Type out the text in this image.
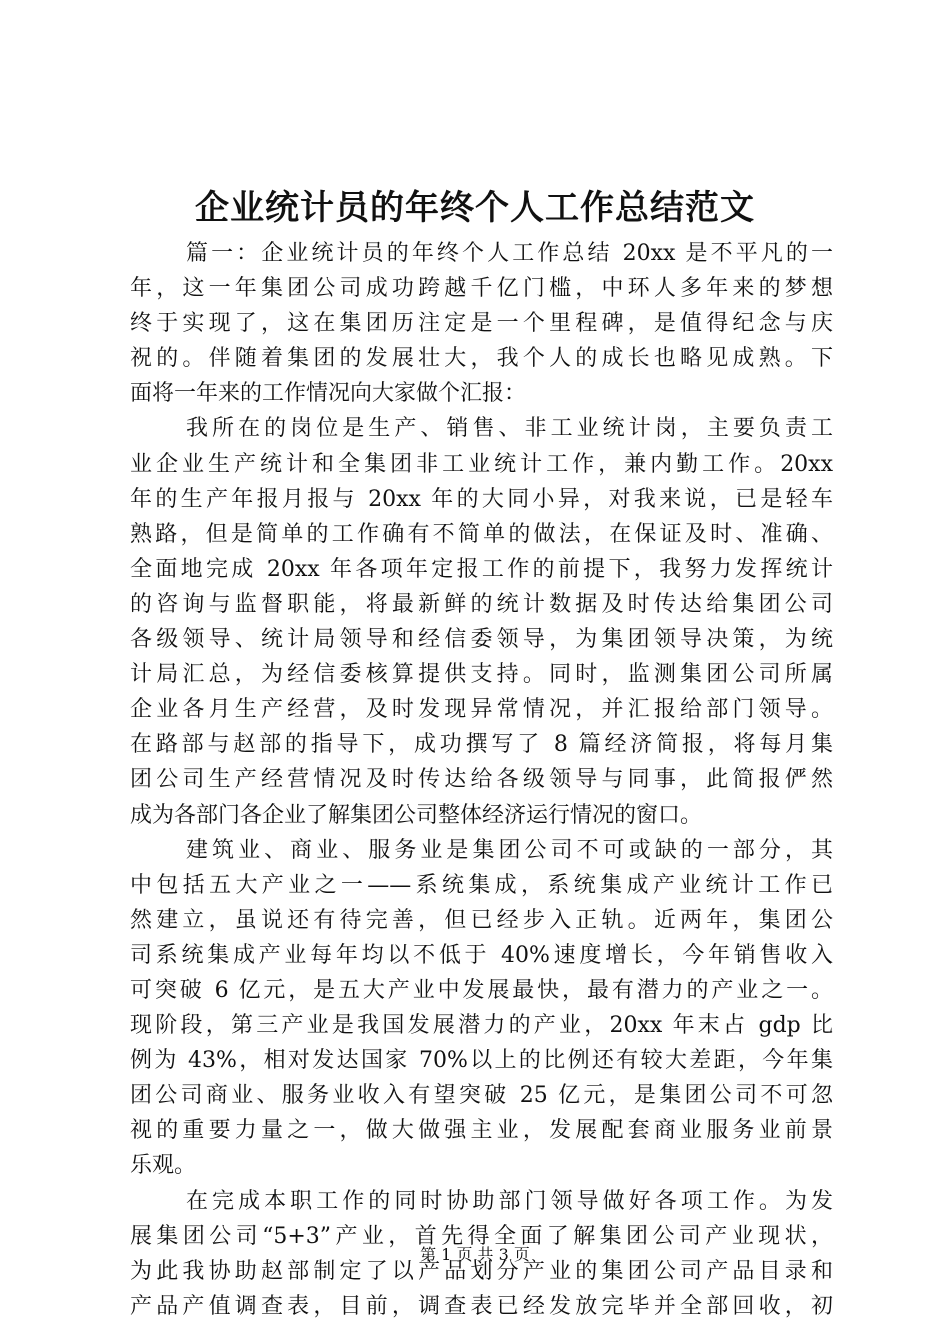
企业统计员的年终个人工作总结范文
篇一：企业统计员的年终个人工作总结 20xx 是不平凡的一
年，这一年集团公司成功跨越千亿门槛，中环人多年来的梦想
终于实现了，这在集团历注定是一个里程碑，是值得纪念与庆
祝的。伴随着集团的发展壮大，我个人的成长也略见成熟。下
面将一年来的工作情况向大家做个汇报：
我所在的岗位是生产、销售、非工业统计岗，主要负责工
业企业生产统计和全集团非工业统计工作，兼内勤工作。20xx
年的生产年报月报与 20xx 年的大同小异，对我来说，已是轻车
熟路，但是简单的工作确有不简单的做法，在保证及时、准确、
全面地完成 20xx 年各项年定报工作的前提下，我努力发挥统计
的咨询与监督职能，将最新鲜的统计数据及时传达给集团公司
各级领导、统计局领导和经信委领导，为集团领导决策，为统
计局汇总，为经信委核算提供支持。同时，监测集团公司所属
企业各月生产经营，及时发现异常情况，并汇报给部门领导。
在路部与赵部的指导下，成功撰写了 8 篇经济简报，将每月集
团公司生产经营情况及时传达给各级领导与同事，此简报俨然
成为各部门各企业了解集团公司整体经济运行情况的窗口。
建筑业、商业、服务业是集团公司不可或缺的一部分，其
中包括五大产业之一——系统集成，系统集成产业统计工作已
然建立，虽说还有待完善，但已经步入正轨。近两年，集团公
司系统集成产业每年均以不低于 40%速度增长，今年销售收入
可突破 6 亿元，是五大产业中发展最快，最有潜力的产业之一。
现阶段，第三产业是我国发展潜力的产业，20xx 年末占 gdp 比
例为 43%，相对发达国家 70%以上的比例还有较大差距，今年集
团公司商业、服务业收入有望突破 25 亿元，是集团公司不可忽
视的重要力量之一，做大做强主业，发展配套商业服务业前景
乐观。
在完成本职工作的同时协助部门领导做好各项工作。为发
展集团公司“5+3”产业，首先得全面了解集团公司产业现状，
为此我协助赵部制定了以产品划分产业的集团公司产品目录和
产品产值调查表，目前，调查表已经发放完毕并全部回收，初
第 1 页 共 3 页
